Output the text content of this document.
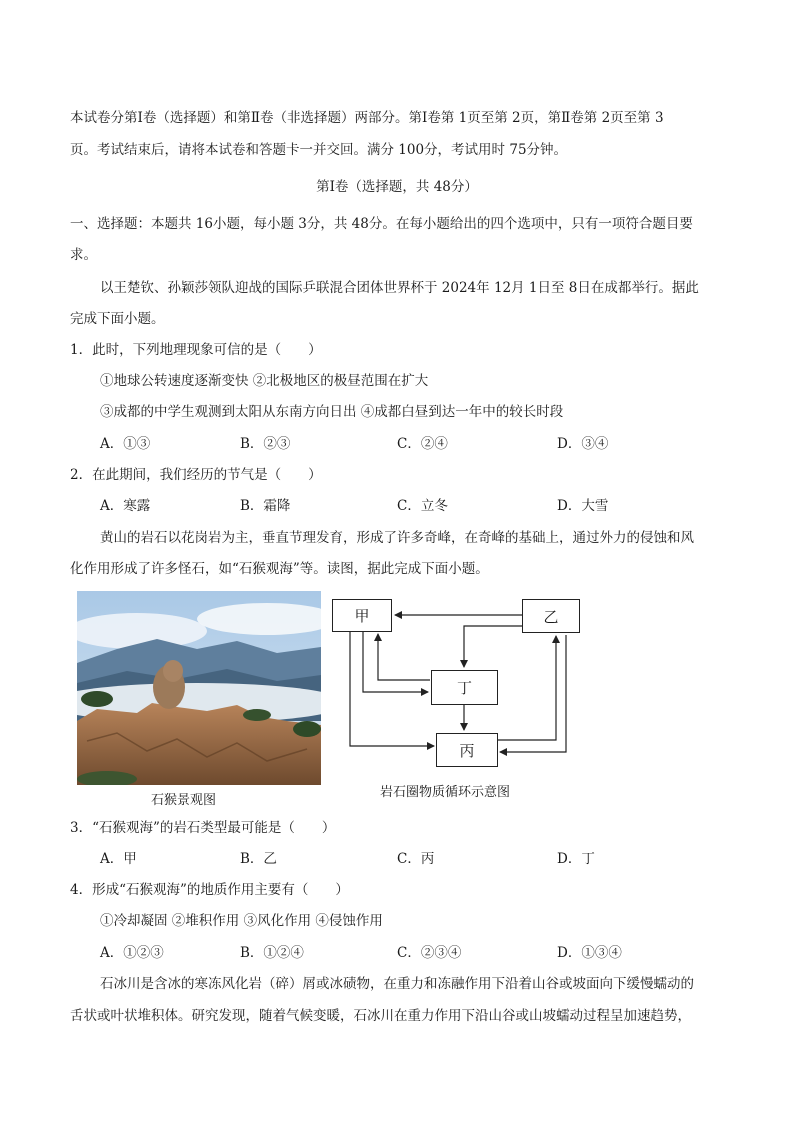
本试卷分第Ⅰ卷（选择题）和第Ⅱ卷（非选择题）两部分。第Ⅰ卷第 1页至第 2页，第Ⅱ卷第 2页至第 3
页。考试结束后，请将本试卷和答题卡一并交回。满分 100分，考试用时 75分钟。
第Ⅰ卷（选择题，共 48分）
一、选择题：本题共 16小题，每小题 3分，共 48分。在每小题给出的四个选项中，只有一项符合题目要
求。
以王楚钦、孙颖莎领队迎战的国际乒联混合团体世界杯于 2024年 12月 1日至 8日在成都举行。据此
完成下面小题。
1．此时，下列地理现象可信的是（　　）
①地球公转速度逐渐变快 ②北极地区的极昼范围在扩大
③成都的中学生观测到太阳从东南方向日出 ④成都白昼到达一年中的较长时段
A．①③	B．②③	C．②④	D．③④
2．在此期间，我们经历的节气是（　　）
A．寒露	B．霜降	C．立冬	D．大雪
黄山的岩石以花岗岩为主，垂直节理发育，形成了许多奇峰，在奇峰的基础上，通过外力的侵蚀和风
化作用形成了许多怪石，如“石猴观海”等。读图，据此完成下面小题。
石猴景观图
甲	乙
丁
丙
岩石圈物质循环示意图
3．“石猴观海”的岩石类型最可能是（　　）
A．甲	B．乙	C．丙	D．丁
4．形成“石猴观海”的地质作用主要有（　　）
①冷却凝固 ②堆积作用 ③风化作用 ④侵蚀作用
A．①②③	B．①②④	C．②③④	D．①③④
石冰川是含冰的寒冻风化岩（碎）屑或冰碛物，在重力和冻融作用下沿着山谷或坡面向下缓慢蠕动的
舌状或叶状堆积体。研究发现，随着气候变暖，石冰川在重力作用下沿山谷或山坡蠕动过程呈加速趋势，
